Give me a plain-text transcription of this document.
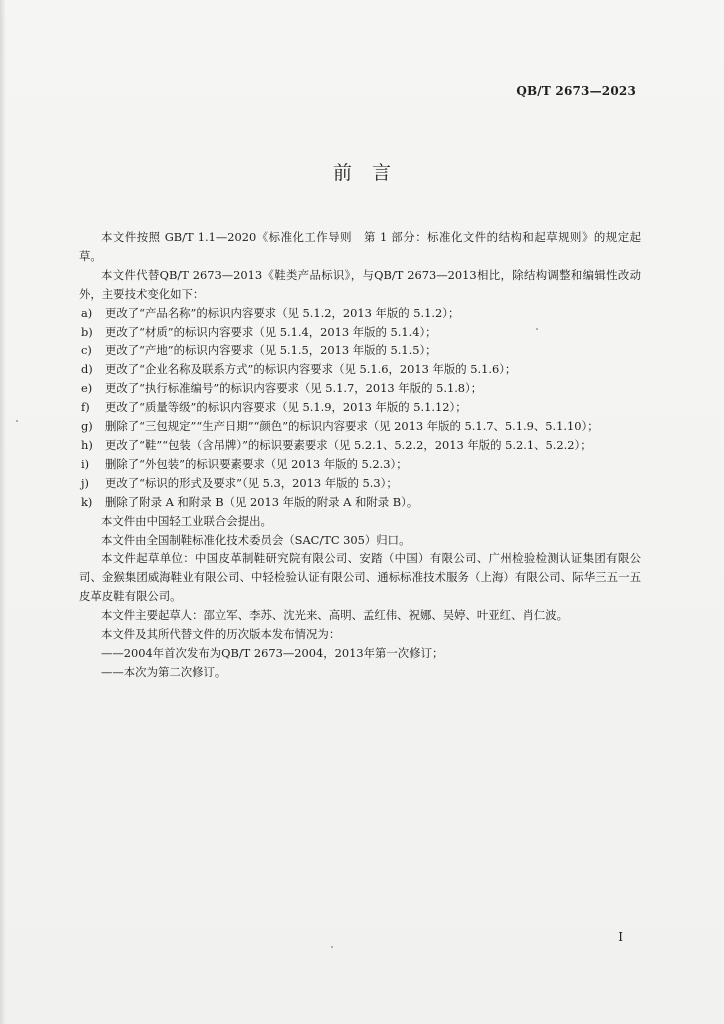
QB/T 2673—2023
前言

本文件按照 GB/T 1.1—2020《标准化工作导则　第 1 部分：标准化文件的结构和起草规则》的规定起草。

本文件代替QB/T 2673—2013《鞋类产品标识》，与QB/T 2673—2013相比，除结构调整和编辑性改动外，主要技术变化如下：

a)	更改了“产品名称”的标识内容要求（见 5.1.2，2013 年版的 5.1.2）；

b)	更改了“材质”的标识内容要求（见 5.1.4，2013 年版的 5.1.4）；

c)	更改了“产地”的标识内容要求（见 5.1.5，2013 年版的 5.1.5）；

d)	更改了“企业名称及联系方式”的标识内容要求（见 5.1.6，2013 年版的 5.1.6）；

e)	更改了“执行标准编号”的标识内容要求（见 5.1.7，2013 年版的 5.1.8）；

f)	更改了“质量等级”的标识内容要求（见 5.1.9，2013 年版的 5.1.12）；

g)	删除了“三包规定”“生产日期”“颜色”的标识内容要求（见 2013 年版的 5.1.7、5.1.9、5.1.10）；

h)	更改了“鞋”“包装（含吊牌）”的标识要素要求（见 5.2.1、5.2.2，2013 年版的 5.2.1、5.2.2）；

i)	删除了“外包装”的标识要素要求（见 2013 年版的 5.2.3）；

j)	更改了“标识的形式及要求”（见 5.3，2013 年版的 5.3）；

k)	删除了附录 A 和附录 B（见 2013 年版的附录 A 和附录 B）。

本文件由中国轻工业联合会提出。

本文件由全国制鞋标准化技术委员会（SAC/TC 305）归口。

本文件起草单位：中国皮革制鞋研究院有限公司、安踏（中国）有限公司、广州检验检测认证集团有限公司、金猴集团威海鞋业有限公司、中轻检验认证有限公司、通标标准技术服务（上海）有限公司、际华三五一五皮革皮鞋有限公司。

本文件主要起草人：邵立军、李苏、沈光来、高明、孟红伟、祝娜、吴婷、叶亚红、肖仁波。

本文件及其所代替文件的历次版本发布情况为：

——2004年首次发布为QB/T 2673—2004，2013年第一次修订；

——本次为第二次修订。

I
